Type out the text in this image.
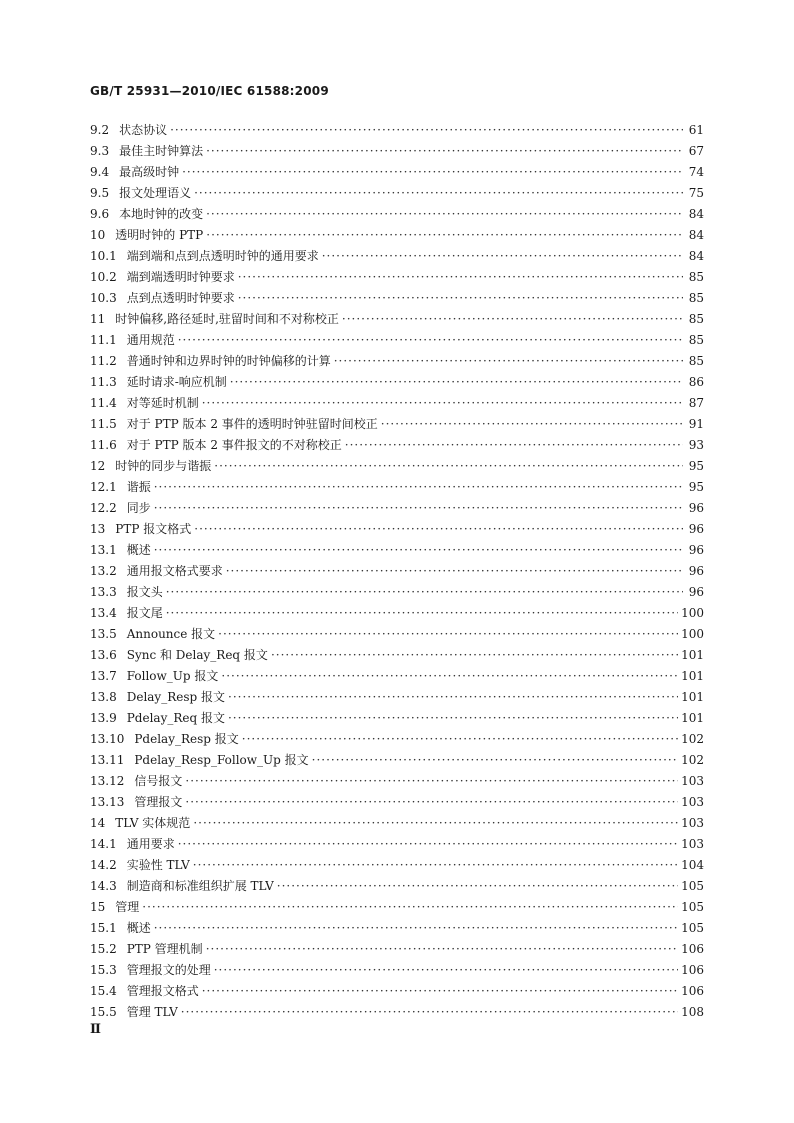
GB/T 25931—2010/IEC 61588:2009
9.2 状态协议 ·····	61
9.3 最佳主时钟算法 ·····	67
9.4 最高级时钟 ·····	74
9.5 报文处理语义 ·····	75
9.6 本地时钟的改变 ·····	84
10 透明时钟的 PTP ·····	84
10.1 端到端和点到点透明时钟的通用要求 ·····	84
10.2 端到端透明时钟要求 ·····	85
10.3 点到点透明时钟要求 ·····	85
11 时钟偏移,路径延时,驻留时间和不对称校正 ·····	85
11.1 通用规范 ·····	85
11.2 普通时钟和边界时钟的时钟偏移的计算 ·····	85
11.3 延时请求-响应机制 ·····	86
11.4 对等延时机制 ·····	87
11.5 对于 PTP 版本 2 事件的透明时钟驻留时间校正 ·····	91
11.6 对于 PTP 版本 2 事件报文的不对称校正 ·····	93
12 时钟的同步与谐振 ·····	95
12.1 谐振 ·····	95
12.2 同步 ·····	96
13 PTP 报文格式 ·····	96
13.1 概述 ·····	96
13.2 通用报文格式要求 ·····	96
13.3 报文头 ·····	96
13.4 报文尾 ·····	100
13.5 Announce 报文 ·····	100
13.6 Sync 和 Delay_Req 报文 ·····	101
13.7 Follow_Up 报文 ·····	101
13.8 Delay_Resp 报文 ·····	101
13.9 Pdelay_Req 报文 ·····	101
13.10 Pdelay_Resp 报文 ·····	102
13.11 Pdelay_Resp_Follow_Up 报文 ·····	102
13.12 信号报文 ·····	103
13.13 管理报文 ·····	103
14 TLV 实体规范 ·····	103
14.1 通用要求 ·····	103
14.2 实验性 TLV ·····	104
14.3 制造商和标准组织扩展 TLV ·····	105
15 管理 ·····	105
15.1 概述 ·····	105
15.2 PTP 管理机制 ·····	106
15.3 管理报文的处理 ·····	106
15.4 管理报文格式 ·····	106
15.5 管理 TLV ·····	108
Ⅱ
